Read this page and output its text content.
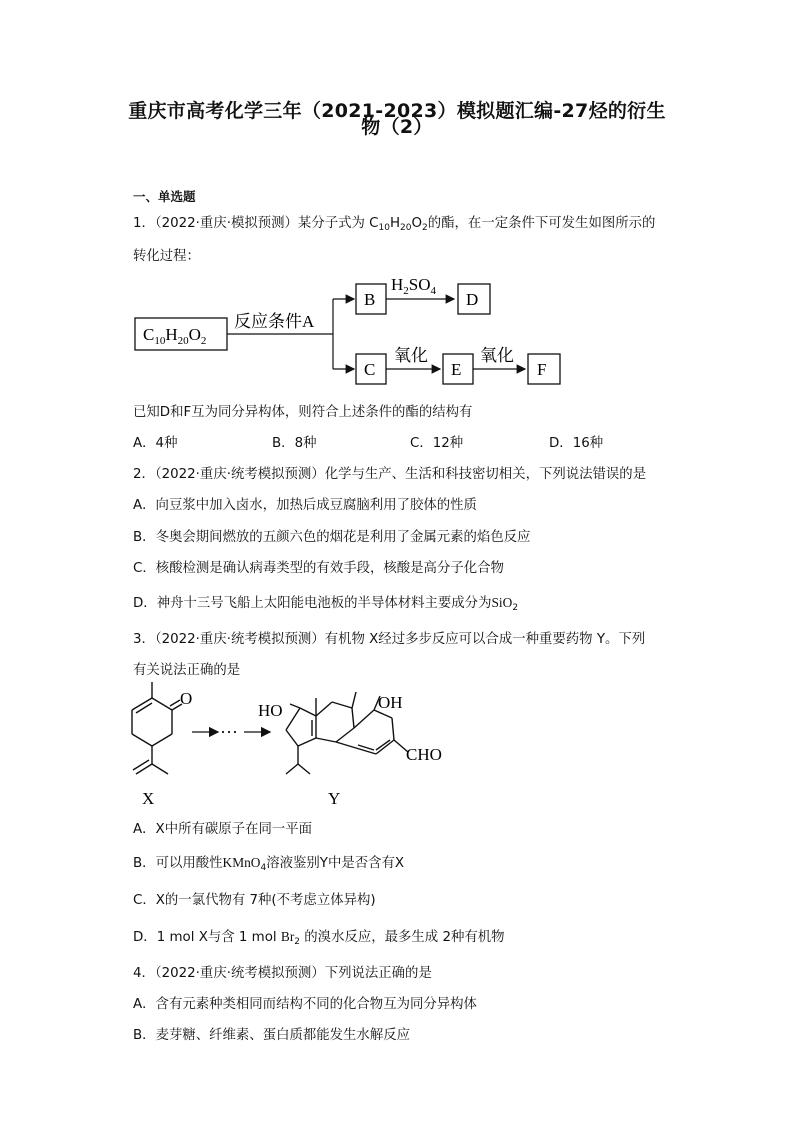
重庆市高考化学三年（2021-2023）模拟题汇编-27烃的衍生
物（2）
一、单选题
1．（2022·重庆·模拟预测）某分子式为 $C_{10}H_{20}O_2$的酯，在一定条件下可发生如图所示的
转化过程：
$C_{10}H_{20}O_2$
反应条件A
B
$H_2SO_4$ D
C
氧化
E
氧化
F
已知D和F互为同分异构体，则符合上述条件的酯的结构有
A．4种	B．8种	C．12种	D．16种
2．（2022·重庆·统考模拟预测）化学与生产、生活和科技密切相关，下列说法错误的是
A．向豆浆中加入卤水，加热后成豆腐脑利用了胶体的性质
B．冬奥会期间燃放的五颜六色的烟花是利用了金属元素的焰色反应
C．核酸检测是确认病毒类型的有效手段，核酸是高分子化合物
D．神舟十三号飞船上太阳能电池板的半导体材料主要成分为SiO$_2$
3．（2022·重庆·统考模拟预测）有机物 X经过多步反应可以合成一种重要药物 Y。下列
有关说法正确的是
O
···
HO	OH
CHO
X	Y
A．X中所有碳原子在同一平面
B．可以用酸性KMnO$_4$溶液鉴别Y中是否含有X
C．X的一氯代物有 7种(不考虑立体异构)
D．1 mol X与含 1 mol $Br_2$ 的溴水反应，最多生成 2种有机物
4．（2022·重庆·统考模拟预测）下列说法正确的是
A．含有元素种类相同而结构不同的化合物互为同分异构体
B．麦芽糖、纤维素、蛋白质都能发生水解反应
